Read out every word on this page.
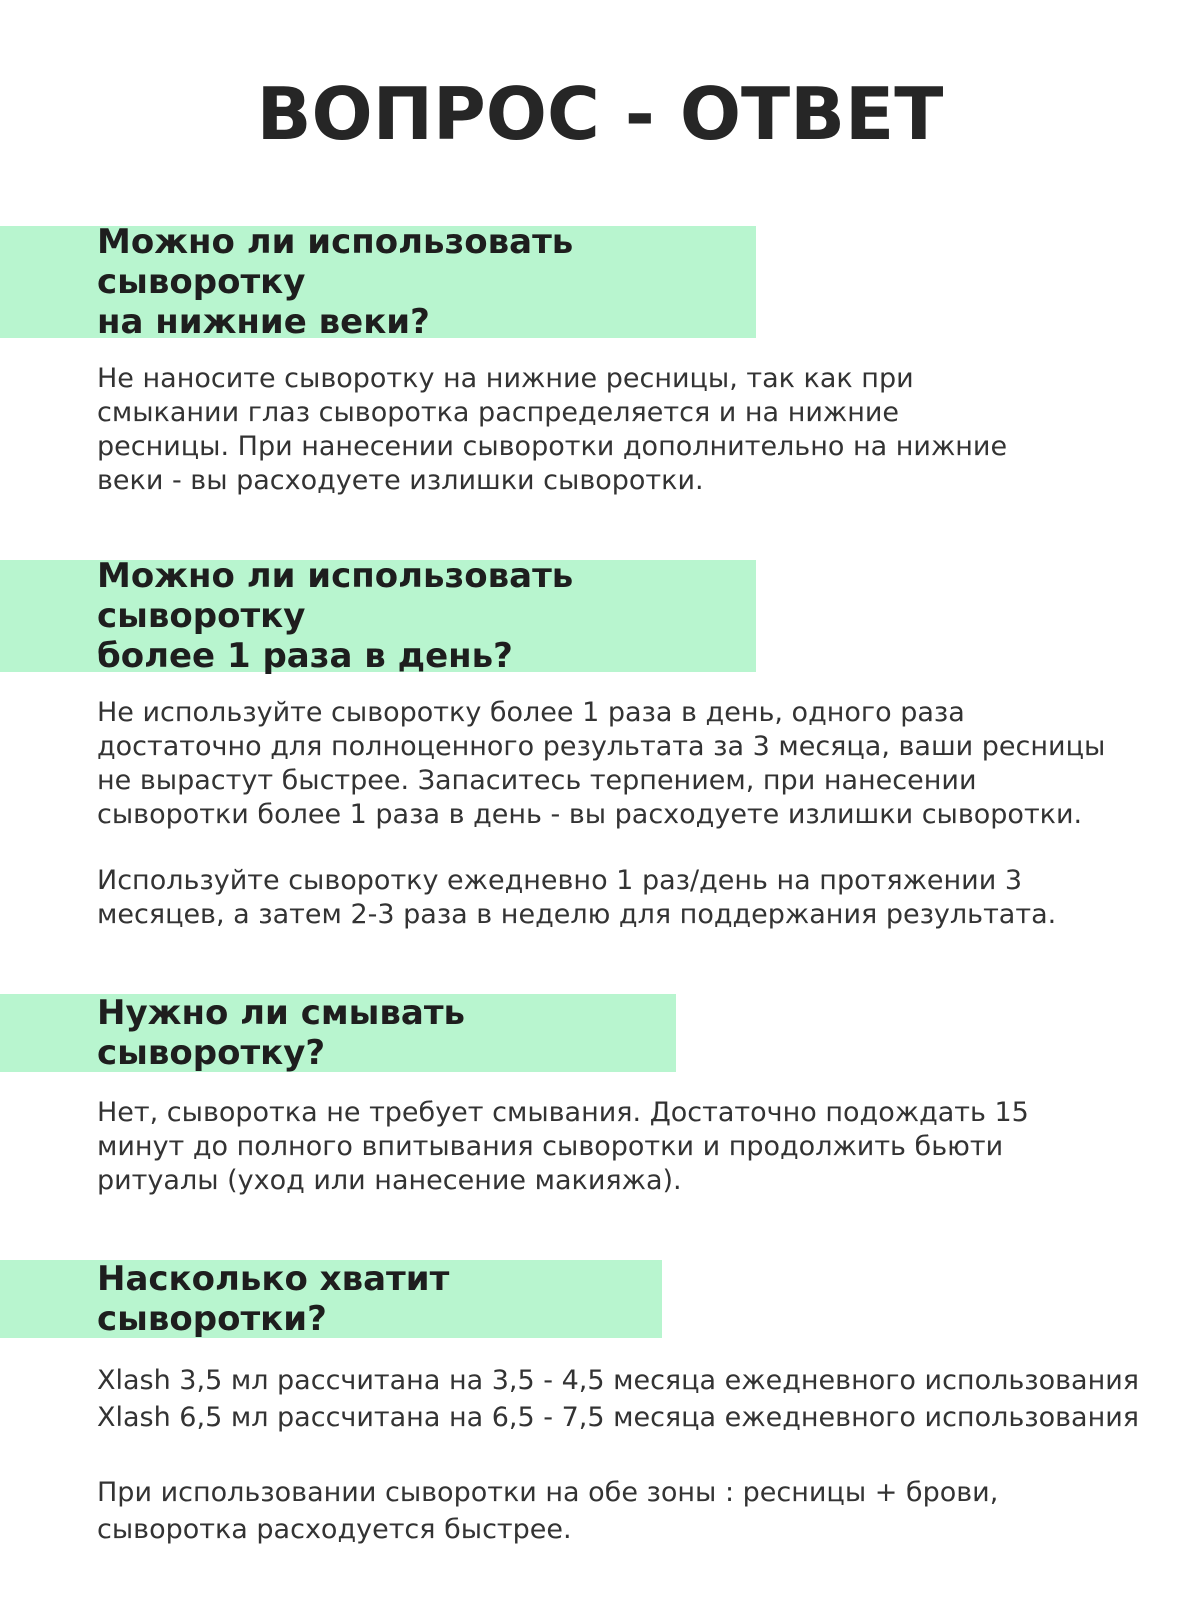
ВОПРОС - ОТВЕТ
Можно ли использовать сыворотку
на нижние веки?

Не наносите сыворотку на нижние ресницы, так как при
смыкании глаз сыворотка распределяется и на нижние
ресницы. При нанесении сыворотки дополнительно на нижние
веки - вы расходуете излишки сыворотки.

Можно ли использовать сыворотку
более 1 раза в день?

Не используйте сыворотку более 1 раза в день, одного раза
достаточно для полноценного результата за 3 месяца, ваши ресницы
не вырастут быстрее. Запаситесь терпением, при нанесении
сыворотки более 1 раза в день - вы расходуете излишки сыворотки.

Используйте сыворотку ежедневно 1 раз/день на протяжении 3
месяцев, а затем 2-3 раза в неделю для поддержания результата.

Нужно ли смывать сыворотку?

Нет, сыворотка не требует смывания. Достаточно подождать 15
минут до полного впитывания сыворотки и продолжить бьюти
ритуалы (уход или нанесение макияжа).

Насколько хватит сыворотки?

Xlash 3,5 мл рассчитана на 3,5 - 4,5 месяца ежедневного использования
Xlash 6,5 мл рассчитана на 6,5 - 7,5 месяца ежедневного использования

При использовании сыворотки на обе зоны : ресницы + брови,
сыворотка расходуется быстрее.
